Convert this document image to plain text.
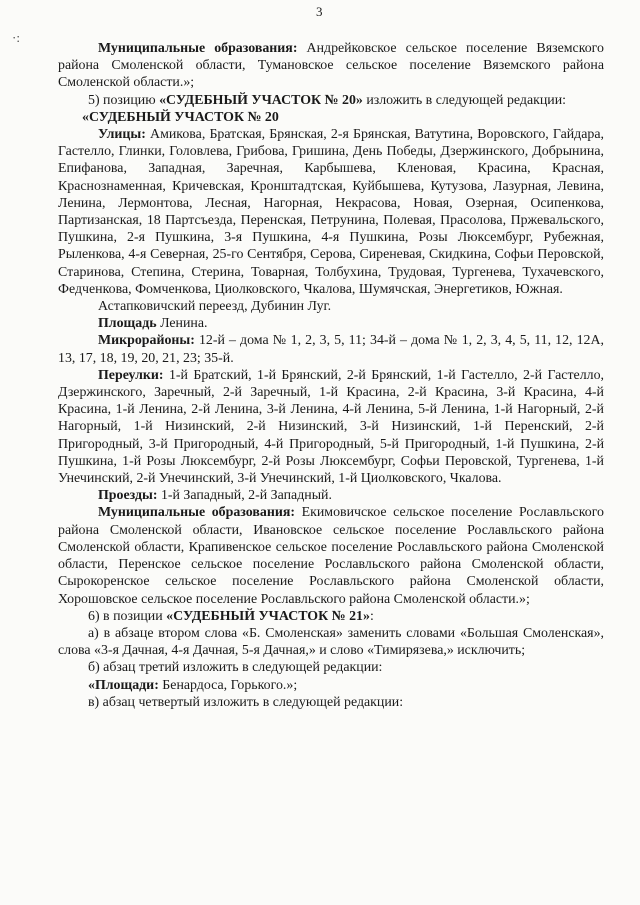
3
·:

Муниципальные образования: Андрейковское сельское поселение Вяземского района Смоленской области, Тумановское сельское поселение Вяземского района Смоленской области.»;

5) позицию «СУДЕБНЫЙ УЧАСТОК № 20» изложить в следующей редакции:

«СУДЕБНЫЙ УЧАСТОК № 20

Улицы: Амикова, Братская, Брянская, 2-я Брянская, Ватутина, Воровского, Гайдара, Гастелло, Глинки, Головлева, Грибова, Гришина, День Победы, Дзержинского, Добрынина, Епифанова, Западная, Заречная, Карбышева, Кленовая, Красина, Красная, Краснознаменная, Кричевская, Кронштадтская, Куйбышева, Кутузова, Лазурная, Левина, Ленина, Лермонтова, Лесная, Нагорная, Некрасова, Новая, Озерная, Осипенкова, Партизанская, 18 Партсъезда, Перенская, Петрунина, Полевая, Прасолова, Пржевальского, Пушкина, 2-я Пушкина, 3-я Пушкина, 4-я Пушкина, Розы Люксембург, Рубежная, Рыленкова, 4-я Северная, 25-го Сентября, Серова, Сиреневая, Скидкина, Софьи Перовской, Старинова, Степина, Стерина, Товарная, Толбухина, Трудовая, Тургенева, Тухачевского, Федченкова, Фомченкова, Циолковского, Чкалова, Шумячская, Энергетиков, Южная.

Астапковичский переезд, Дубинин Луг.

Площадь Ленина.

Микрорайоны: 12-й – дома № 1, 2, 3, 5, 11; 34-й – дома № 1, 2, 3, 4, 5, 11, 12, 12А, 13, 17, 18, 19, 20, 21, 23; 35-й.

Переулки: 1-й Братский, 1-й Брянский, 2-й Брянский, 1-й Гастелло, 2-й Гастелло, Дзержинского, Заречный, 2-й Заречный, 1-й Красина, 2-й Красина, 3-й Красина, 4-й Красина, 1-й Ленина, 2-й Ленина, 3-й Ленина, 4-й Ленина, 5-й Ленина, 1-й Нагорный, 2-й Нагорный, 1-й Низинский, 2-й Низинский, 3-й Низинский, 1-й Перенский, 2-й Пригородный, 3-й Пригородный, 4-й Пригородный, 5-й Пригородный, 1-й Пушкина, 2-й Пушкина, 1-й Розы Люксембург, 2-й Розы Люксембург, Софьи Перовской, Тургенева, 1-й Унечинский, 2-й Унечинский, 3-й Унечинский, 1-й Циолковского, Чкалова.

Проезды: 1-й Западный, 2-й Западный.

Муниципальные образования: Екимовичское сельское поселение Рославльского района Смоленской области, Ивановское сельское поселение Рославльского района Смоленской области, Крапивенское сельское поселение Рославльского района Смоленской области, Перенское сельское поселение Рославльского района Смоленской области, Сырокоренское сельское поселение Рославльского района Смоленской области, Хорошовское сельское поселение Рославльского района Смоленской области.»;

6) в позиции «СУДЕБНЫЙ УЧАСТОК № 21»:

а) в абзаце втором слова «Б. Смоленская» заменить словами «Большая Смоленская», слова «3-я Дачная, 4-я Дачная, 5-я Дачная,» и слово «Тимирязева,» исключить;

б) абзац третий изложить в следующей редакции:

«Площади: Бенардоса, Горького.»;

в) абзац четвертый изложить в следующей редакции:
